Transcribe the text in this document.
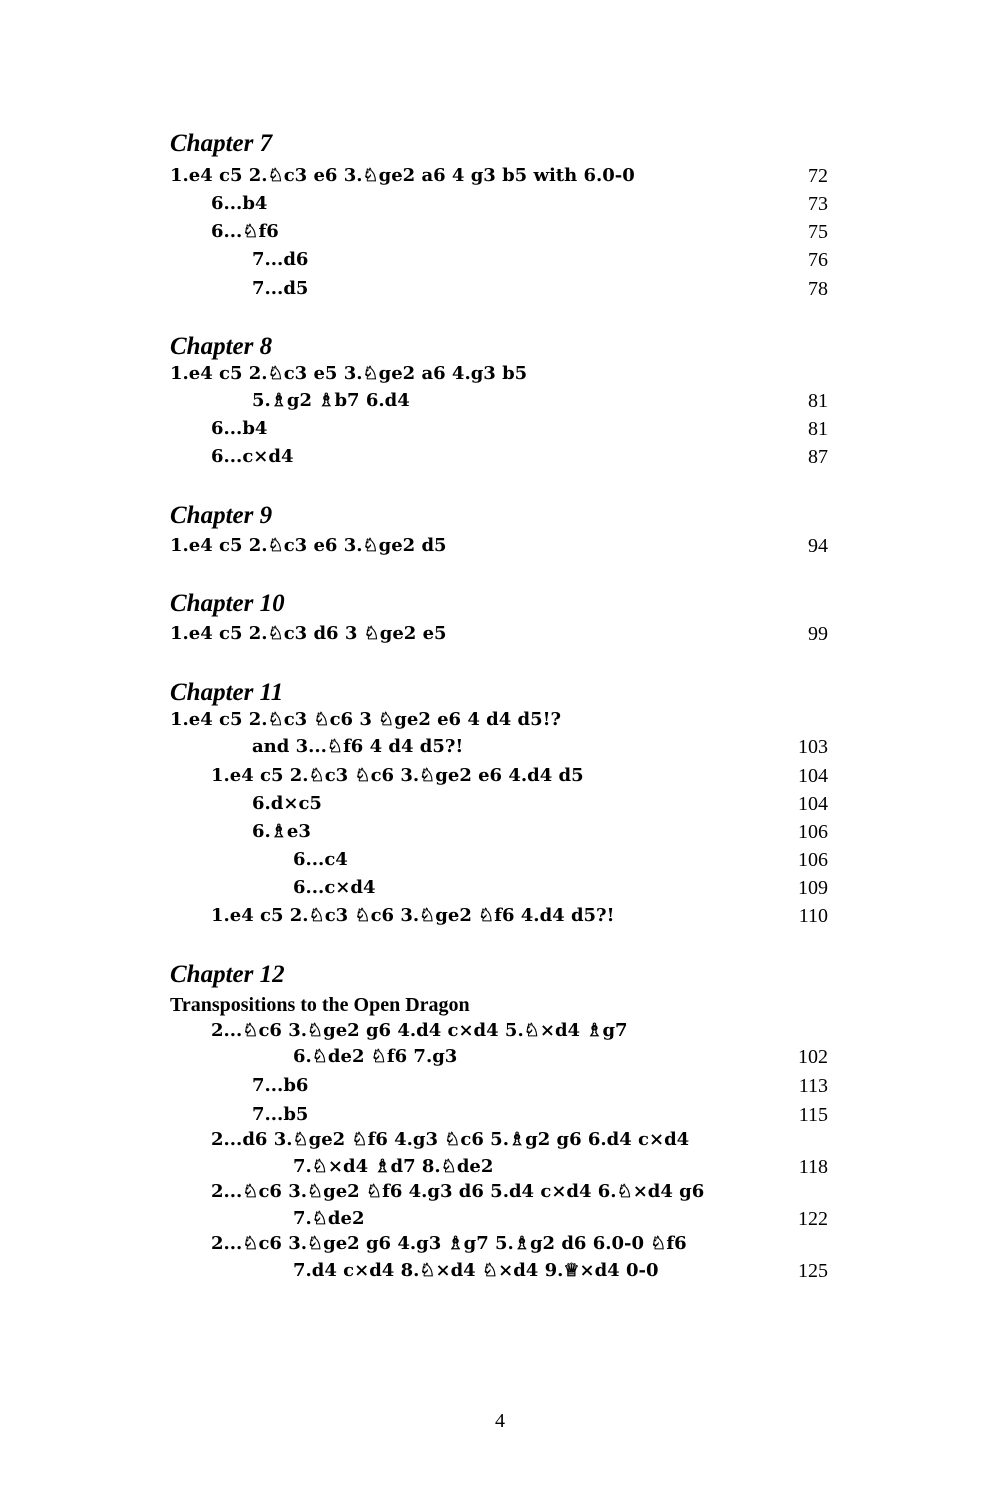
Chapter 7
1.e4 c5 2.♘c3 e6 3.♘ge2 a6 4 g3 b5 with 6.0-0	72
6...b4	73
6...♘f6	75
7...d6	76
7...d5	78
Chapter 8
1.e4 c5 2.♘c3 e5 3.♘ge2 a6 4.g3 b5
5.♗g2 ♗b7 6.d4	81
6...b4	81
6...c×d4	87
Chapter 9
1.e4 c5 2.♘c3 e6 3.♘ge2 d5	94
Chapter 10
1.e4 c5 2.♘c3 d6 3 ♘ge2 e5	99
Chapter 11
1.e4 c5 2.♘c3 ♘c6 3 ♘ge2 e6 4 d4 d5!?
and 3...♘f6 4 d4 d5?!	103
1.e4 c5 2.♘c3 ♘c6 3.♘ge2 e6 4.d4 d5	104
6.d×c5	104
6.♗e3	106
6...c4	106
6...c×d4	109
1.e4 c5 2.♘c3 ♘c6 3.♘ge2 ♘f6 4.d4 d5?!	110
Chapter 12
Transpositions to the Open Dragon
2...♘c6 3.♘ge2 g6 4.d4 c×d4 5.♘×d4 ♗g7
6.♘de2 ♘f6 7.g3	102
7...b6	113
7...b5	115
2...d6 3.♘ge2 ♘f6 4.g3 ♘c6 5.♗g2 g6 6.d4 c×d4
7.♘×d4 ♗d7 8.♘de2	118
2...♘c6 3.♘ge2 ♘f6 4.g3 d6 5.d4 c×d4 6.♘×d4 g6
7.♘de2	122
2...♘c6 3.♘ge2 g6 4.g3 ♗g7 5.♗g2 d6 6.0-0 ♘f6
7.d4 c×d4 8.♘×d4 ♘×d4 9.♕×d4 0-0	125
4
